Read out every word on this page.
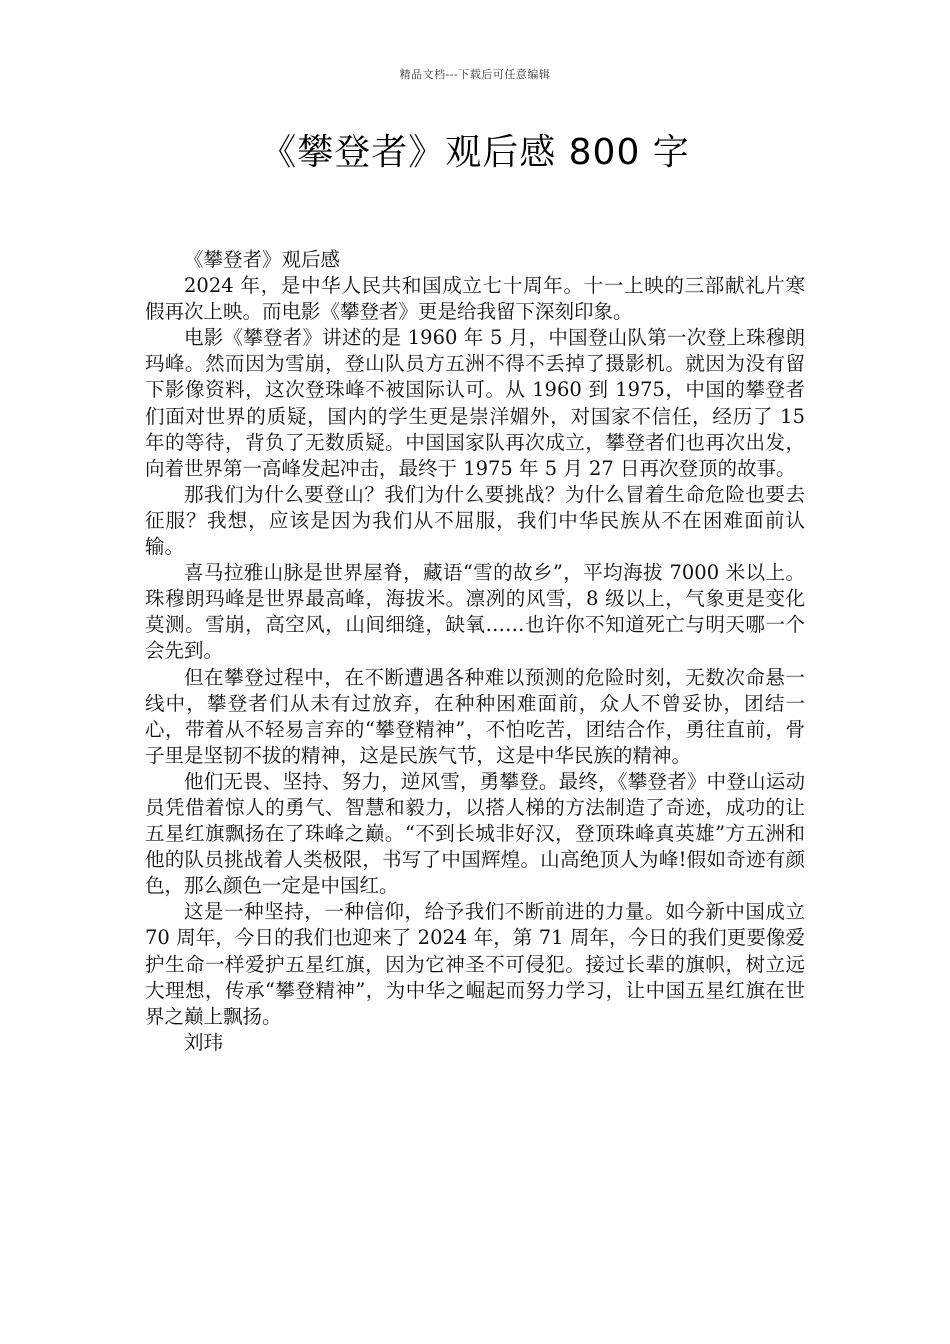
精品文档---下载后可任意编辑
《攀登者》观后感 800 字

《攀登者》观后感

2024 年，是中华人民共和国成立七十周年。十一上映的三部献礼片寒假再次上映。而电影《攀登者》更是给我留下深刻印象。

电影《攀登者》讲述的是 1960 年 5 月，中国登山队第一次登上珠穆朗玛峰。然而因为雪崩，登山队员方五洲不得不丢掉了摄影机。就因为没有留下影像资料，这次登珠峰不被国际认可。从 1960 到 1975，中国的攀登者们面对世界的质疑，国内的学生更是崇洋媚外，对国家不信任，经历了 15 年的等待，背负了无数质疑。中国国家队再次成立，攀登者们也再次出发，向着世界第一高峰发起冲击，最终于 1975 年 5 月 27 日再次登顶的故事。

那我们为什么要登山？我们为什么要挑战？为什么冒着生命危险也要去征服？我想，应该是因为我们从不屈服，我们中华民族从不在困难面前认输。

喜马拉雅山脉是世界屋脊，藏语“雪的故乡”，平均海拔 7000 米以上。珠穆朗玛峰是世界最高峰，海拔米。凛冽的风雪，8 级以上，气象更是变化莫测。雪崩，高空风，山间细缝，缺氧……也许你不知道死亡与明天哪一个会先到。

但在攀登过程中，在不断遭遇各种难以预测的危险时刻，无数次命悬一线中，攀登者们从未有过放弃，在种种困难面前，众人不曾妥协，团结一心，带着从不轻易言弃的“攀登精神”，不怕吃苦，团结合作，勇往直前，骨子里是坚韧不拔的精神，这是民族气节，这是中华民族的精神。

他们无畏、坚持、努力，逆风雪，勇攀登。最终，《攀登者》中登山运动员凭借着惊人的勇气、智慧和毅力，以搭人梯的方法制造了奇迹，成功的让五星红旗飘扬在了珠峰之巅。“不到长城非好汉，登顶珠峰真英雄”方五洲和他的队员挑战着人类极限，书写了中国辉煌。山高绝顶人为峰!假如奇迹有颜色，那么颜色一定是中国红。

这是一种坚持，一种信仰，给予我们不断前进的力量。如今新中国成立 70 周年，今日的我们也迎来了 2024 年，第 71 周年，今日的我们更要像爱护生命一样爱护五星红旗，因为它神圣不可侵犯。接过长辈的旗帜，树立远大理想，传承“攀登精神”，为中华之崛起而努力学习，让中国五星红旗在世界之巅上飘扬。

刘玮
